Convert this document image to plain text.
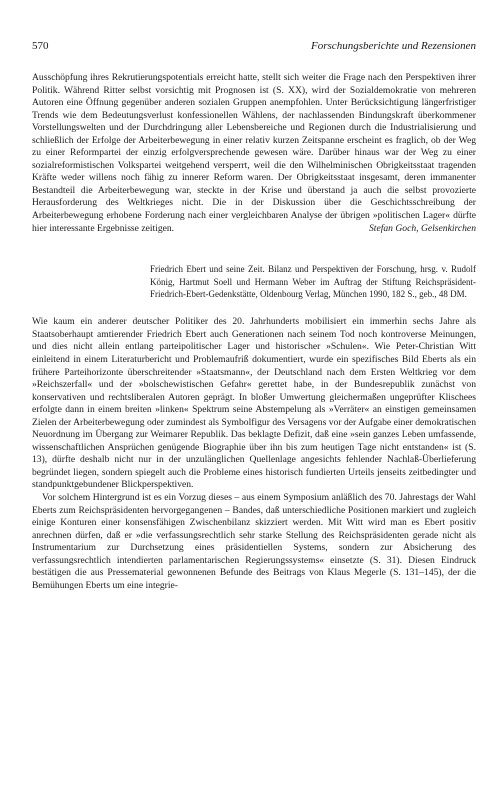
570	Forschungsberichte und Rezensionen

Ausschöpfung ihres Rekrutierungspotentials erreicht hatte, stellt sich weiter die Frage nach den Perspektiven ihrer Politik. Während Ritter selbst vorsichtig mit Prognosen ist (S. XX), wird der Sozialdemokratie von mehreren Autoren eine Öffnung gegenüber anderen sozialen Gruppen anempfohlen. Unter Berücksichtigung längerfristiger Trends wie dem Bedeutungsverlust konfessionellen Wählens, der nachlassenden Bindungskraft überkommener Vorstellungswelten und der Durchdringung aller Lebensbereiche und Regionen durch die Industrialisierung und schließlich der Erfolge der Arbeiterbewegung in einer relativ kurzen Zeitspanne erscheint es fraglich, ob der Weg zu einer Reformpartei der einzig erfolgversprechende gewesen wäre. Darüber hinaus war der Weg zu einer sozialreformistischen Volkspartei weitgehend versperrt, weil die den Wilhelminischen Obrigkeitsstaat tragenden Kräfte weder willens noch fähig zu innerer Reform waren. Der Obrigkeitsstaat insgesamt, deren immanenter Bestandteil die Arbeiterbewegung war, steckte in der Krise und überstand ja auch die selbst provozierte Herausforderung des Weltkrieges nicht. Die in der Diskussion über die Geschichtsschreibung der Arbeiterbewegung erhobene Forderung nach einer vergleichbaren Analyse der übrigen »politischen Lager« dürfte hier interessante Ergebnisse zeitigen.	Stefan Goch, Gelsenkirchen

Friedrich Ebert und seine Zeit. Bilanz und Perspektiven der Forschung, hrsg. v. Rudolf König, Hartmut Soell und Hermann Weber im Auftrag der Stiftung Reichspräsident-Friedrich-Ebert-Gedenkstätte, Oldenbourg Verlag, München 1990, 182 S., geb., 48 DM.

Wie kaum ein anderer deutscher Politiker des 20. Jahrhunderts mobilisiert ein immerhin sechs Jahre als Staatsoberhaupt amtierender Friedrich Ebert auch Generationen nach seinem Tod noch kontroverse Meinungen, und dies nicht allein entlang parteipolitischer Lager und historischer »Schulen«. Wie Peter-Christian Witt einleitend in einem Literaturbericht und Problemaufriß dokumentiert, wurde ein spezifisches Bild Eberts als ein frühere Parteihorizonte überschreitender »Staatsmann«, der Deutschland nach dem Ersten Weltkrieg vor dem »Reichszerfall« und der »bolschewistischen Gefahr« gerettet habe, in der Bundesrepublik zunächst von konservativen und rechtsliberalen Autoren geprägt. In bloßer Umwertung gleichermaßen ungeprüfter Klischees erfolgte dann in einem breiten »linken« Spektrum seine Abstempelung als »Verräter« an einstigen gemeinsamen Zielen der Arbeiterbewegung oder zumindest als Symbolfigur des Versagens vor der Aufgabe einer demokratischen Neuordnung im Übergang zur Weimarer Republik. Das beklagte Defizit, daß eine »sein ganzes Leben umfassende, wissenschaftlichen Ansprüchen genügende Biographie über ihn bis zum heutigen Tage nicht entstanden« ist (S. 13), dürfte deshalb nicht nur in der unzulänglichen Quellenlage angesichts fehlender Nachlaß-Überlieferung begründet liegen, sondern spiegelt auch die Probleme eines historisch fundierten Urteils jenseits zeitbedingter und standpunktgebundener Blickperspektiven.

Vor solchem Hintergrund ist es ein Vorzug dieses – aus einem Symposium anläßlich des 70. Jahrestags der Wahl Eberts zum Reichspräsidenten hervorgegangenen – Bandes, daß unterschiedliche Positionen markiert und zugleich einige Konturen einer konsensfähigen Zwischenbilanz skizziert werden. Mit Witt wird man es Ebert positiv anrechnen dürfen, daß er »die verfassungsrechtlich sehr starke Stellung des Reichspräsidenten gerade nicht als Instrumentarium zur Durchsetzung eines präsidentiellen Systems, sondern zur Absicherung des verfassungsrechtlich intendierten parlamentarischen Regierungssystems« einsetzte (S. 31). Diesen Eindruck bestätigen die aus Pressematerial gewonnenen Befunde des Beitrags von Klaus Megerle (S. 131–145), der die Bemühungen Eberts um eine integrie-
